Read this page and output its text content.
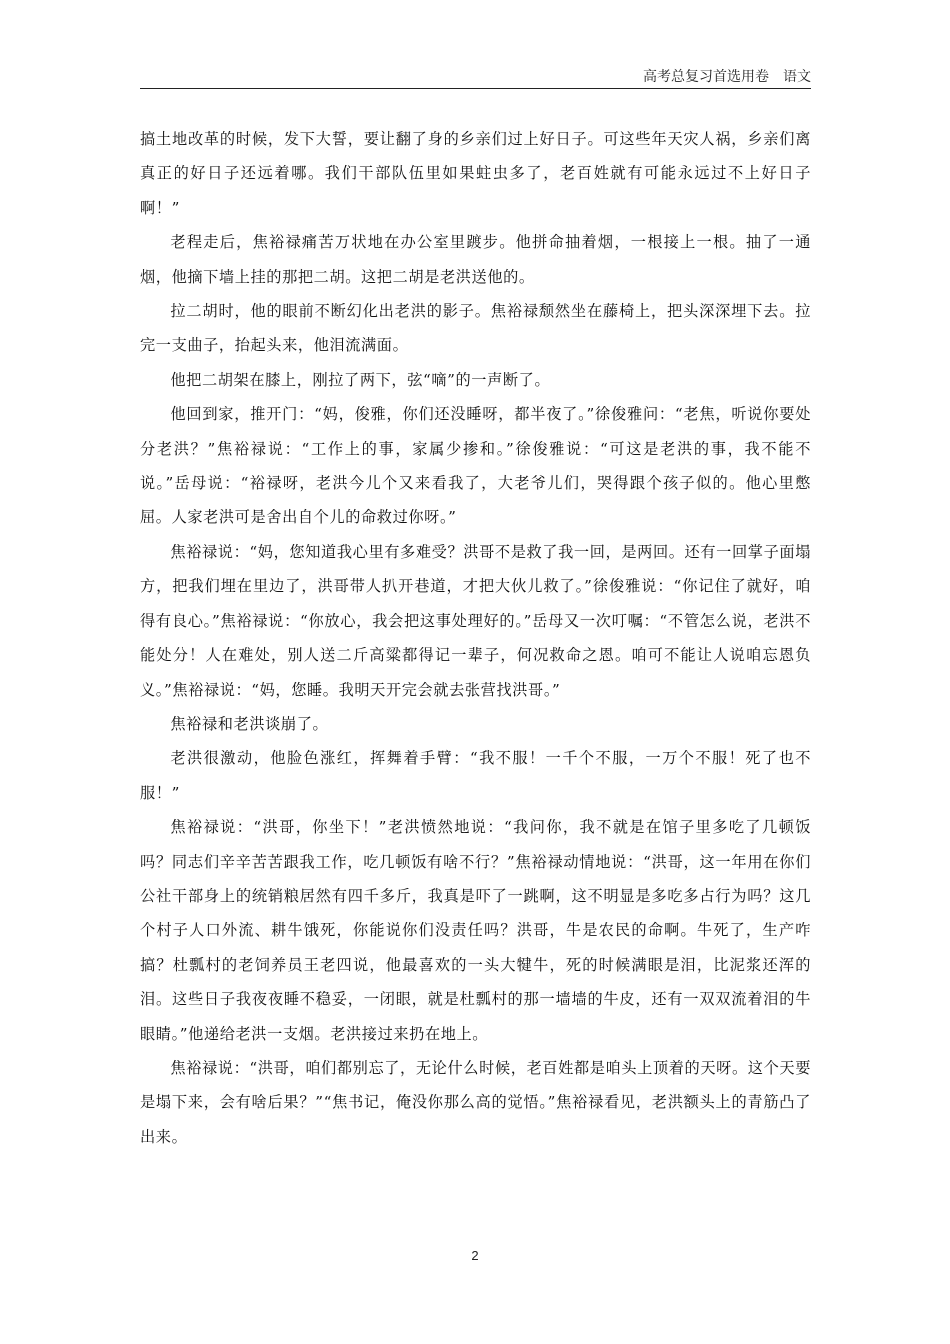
高考总复习首选用卷　语文

搞土地改革的时候，发下大誓，要让翻了身的乡亲们过上好日子。可这些年天灾人祸，乡亲们离真正的好日子还远着哪。我们干部队伍里如果蛀虫多了，老百姓就有可能永远过不上好日子啊！”

老程走后，焦裕禄痛苦万状地在办公室里踱步。他拼命抽着烟，一根接上一根。抽了一通烟，他摘下墙上挂的那把二胡。这把二胡是老洪送他的。

拉二胡时，他的眼前不断幻化出老洪的影子。焦裕禄颓然坐在藤椅上，把头深深埋下去。拉完一支曲子，抬起头来，他泪流满面。

他把二胡架在膝上，刚拉了两下，弦“嘀”的一声断了。

他回到家，推开门：“妈，俊雅，你们还没睡呀，都半夜了。”徐俊雅问：“老焦，听说你要处分老洪？”焦裕禄说：“工作上的事，家属少掺和。”徐俊雅说：“可这是老洪的事，我不能不说。”岳母说：“裕禄呀，老洪今儿个又来看我了，大老爷儿们，哭得跟个孩子似的。他心里憋屈。人家老洪可是舍出自个儿的命救过你呀。”

焦裕禄说：“妈，您知道我心里有多难受？洪哥不是救了我一回，是两回。还有一回掌子面塌方，把我们埋在里边了，洪哥带人扒开巷道，才把大伙儿救了。”徐俊雅说：“你记住了就好，咱得有良心。”焦裕禄说：“你放心，我会把这事处理好的。”岳母又一次叮嘱：“不管怎么说，老洪不能处分！人在难处，别人送二斤高粱都得记一辈子，何况救命之恩。咱可不能让人说咱忘恩负义。”焦裕禄说：“妈，您睡。我明天开完会就去张营找洪哥。”

焦裕禄和老洪谈崩了。

老洪很激动，他脸色涨红，挥舞着手臂：“我不服！一千个不服，一万个不服！死了也不服！”

焦裕禄说：“洪哥，你坐下！”老洪愤然地说：“我问你，我不就是在馆子里多吃了几顿饭吗？同志们辛辛苦苦跟我工作，吃几顿饭有啥不行？”焦裕禄动情地说：“洪哥，这一年用在你们公社干部身上的统销粮居然有四千多斤，我真是吓了一跳啊，这不明显是多吃多占行为吗？这几个村子人口外流、耕牛饿死，你能说你们没责任吗？洪哥，牛是农民的命啊。牛死了，生产咋搞？杜瓢村的老饲养员王老四说，他最喜欢的一头大犍牛，死的时候满眼是泪，比泥浆还浑的泪。这些日子我夜夜睡不稳妥，一闭眼，就是杜瓢村的那一墙墙的牛皮，还有一双双流着泪的牛眼睛。”他递给老洪一支烟。老洪接过来扔在地上。

焦裕禄说：“洪哥，咱们都别忘了，无论什么时候，老百姓都是咱头上顶着的天呀。这个天要是塌下来，会有啥后果？”“焦书记，俺没你那么高的觉悟。”焦裕禄看见，老洪额头上的青筋凸了出来。

2
